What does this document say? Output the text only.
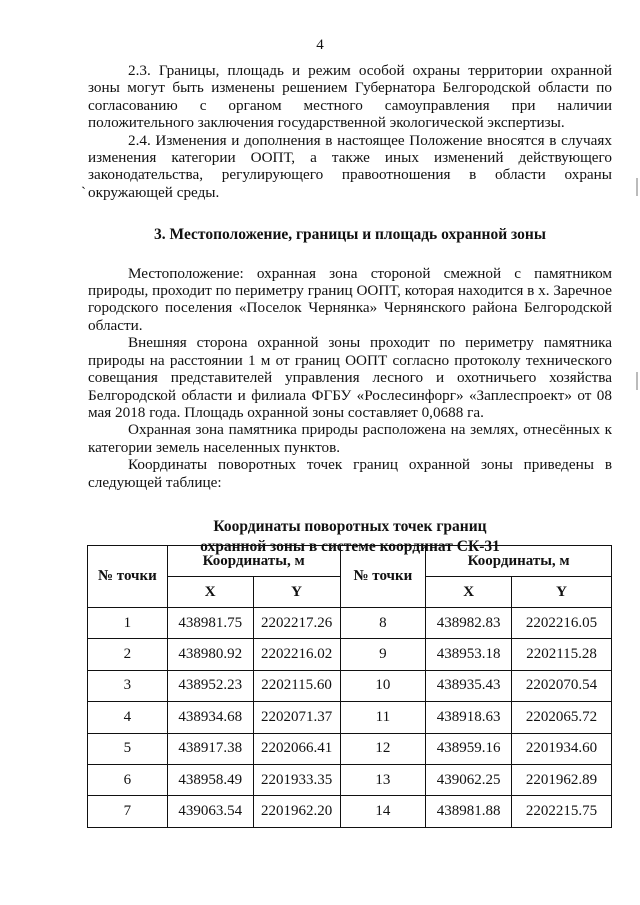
4
`

2.3. Границы, площадь и режим особой охраны территории охранной зоны могут быть изменены решением Губернатора Белгородской области по согласованию с органом местного самоуправления при наличии положительного заключения государственной экологической экспертизы.

2.4. Изменения и дополнения в настоящее Положение вносятся в случаях изменения категории ООПТ, а также иных изменений действующего законодательства, регулирующего правоотношения в области охраны окружающей среды.

3. Местоположение, границы и площадь охранной зоны

Местоположение: охранная зона стороной смежной с памятником природы, проходит по периметру границ ООПТ, которая находится в х. Заречное городского поселения «Поселок Чернянка» Чернянского района Белгородской области.

Внешняя сторона охранной зоны проходит по периметру памятника природы на расстоянии 1 м от границ ООПТ согласно протоколу технического совещания представителей управления лесного и охотничьего хозяйства Белгородской области и филиала ФГБУ «Рослесинфорг» «Заплеспроект» от 08 мая 2018 года. Площадь охранной зоны составляет 0,0688 га.

Охранная зона памятника природы расположена на землях, отнесённых к категории земель населенных пунктов.

Координаты поворотных точек границ охранной зоны приведены в следующей таблице:

Координаты поворотных точек границ
охранной зоны в системе координат СК-31
№ точки	Координаты, м		№ точки	Координаты, м	
	X	Y		X	Y
1	438981.75	2202217.26	8	438982.83	2202216.05
2	438980.92	2202216.02	9	438953.18	2202115.28
3	438952.23	2202115.60	10	438935.43	2202070.54
4	438934.68	2202071.37	11	438918.63	2202065.72
5	438917.38	2202066.41	12	438959.16	2201934.60
6	438958.49	2201933.35	13	439062.25	2201962.89
7	439063.54	2201962.20	14	438981.88	2202215.75
